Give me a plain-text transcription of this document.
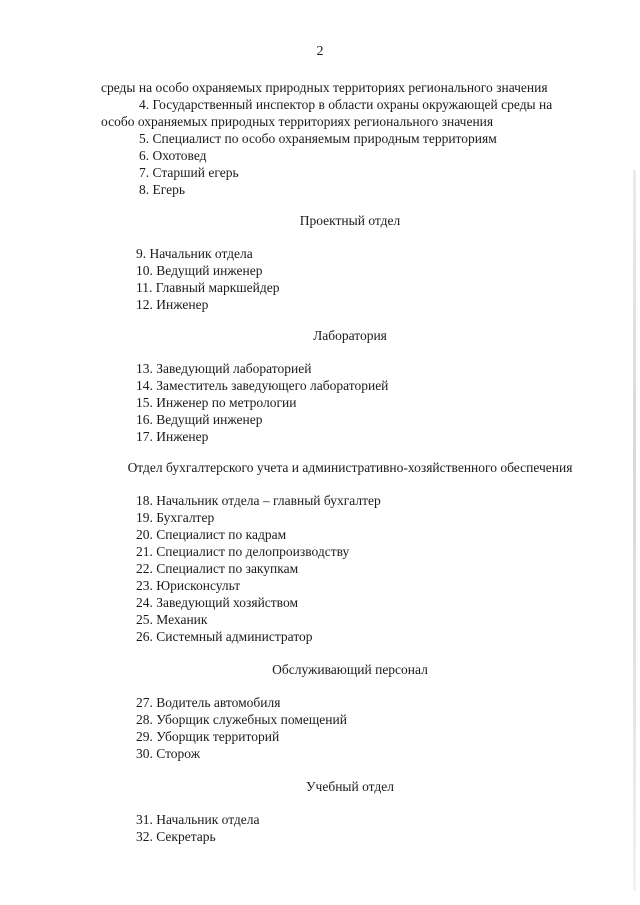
2
среды на особо охраняемых природных территориях регионального значения
4. Государственный инспектор в области охраны окружающей среды на
особо охраняемых природных территориях регионального значения
5. Специалист по особо охраняемым природным территориям
6. Охотовед
7. Старший егерь
8. Егерь
Проектный отдел
9. Начальник отдела
10. Ведущий инженер
11. Главный маркшейдер
12. Инженер
Лаборатория
13. Заведующий лабораторией
14. Заместитель заведующего лабораторией
15. Инженер по метрологии
16. Ведущий инженер
17. Инженер
Отдел бухгалтерского учета и административно-хозяйственного обеспечения
18. Начальник отдела – главный бухгалтер
19. Бухгалтер
20. Специалист по кадрам
21. Специалист по делопроизводству
22. Специалист по закупкам
23. Юрисконсульт
24. Заведующий хозяйством
25. Механик
26. Системный администратор
Обслуживающий персонал
27. Водитель автомобиля
28. Уборщик служебных помещений
29. Уборщик территорий
30. Сторож
Учебный отдел
31. Начальник отдела
32. Секретарь
